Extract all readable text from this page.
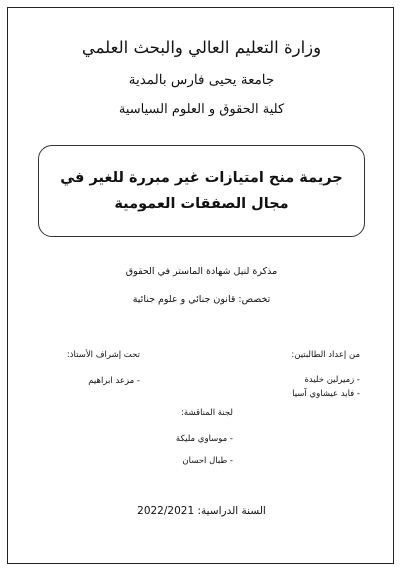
وزارة التعليم العالي والبحث العلمي
جامعة يحيى فارس بالمدية
كلية الحقوق و العلوم السياسية
جريمة منح امتيازات غير مبررة للغير في مجال الصفقات العمومية
مذكرة لنيل شهادة الماستر في الحقوق
تخصص: قانون جنائي و علوم جنائية
من إعداد الطالبتين:
- زميرلين خليدة
- فايد عيشاوي آسيا
تحت إشراف الأستاذ:
- مزعد ابراهيم
لجنة المناقشة:
- موساوي مليكة
- طبال احسان
السنة الدراسية: 2022/2021
